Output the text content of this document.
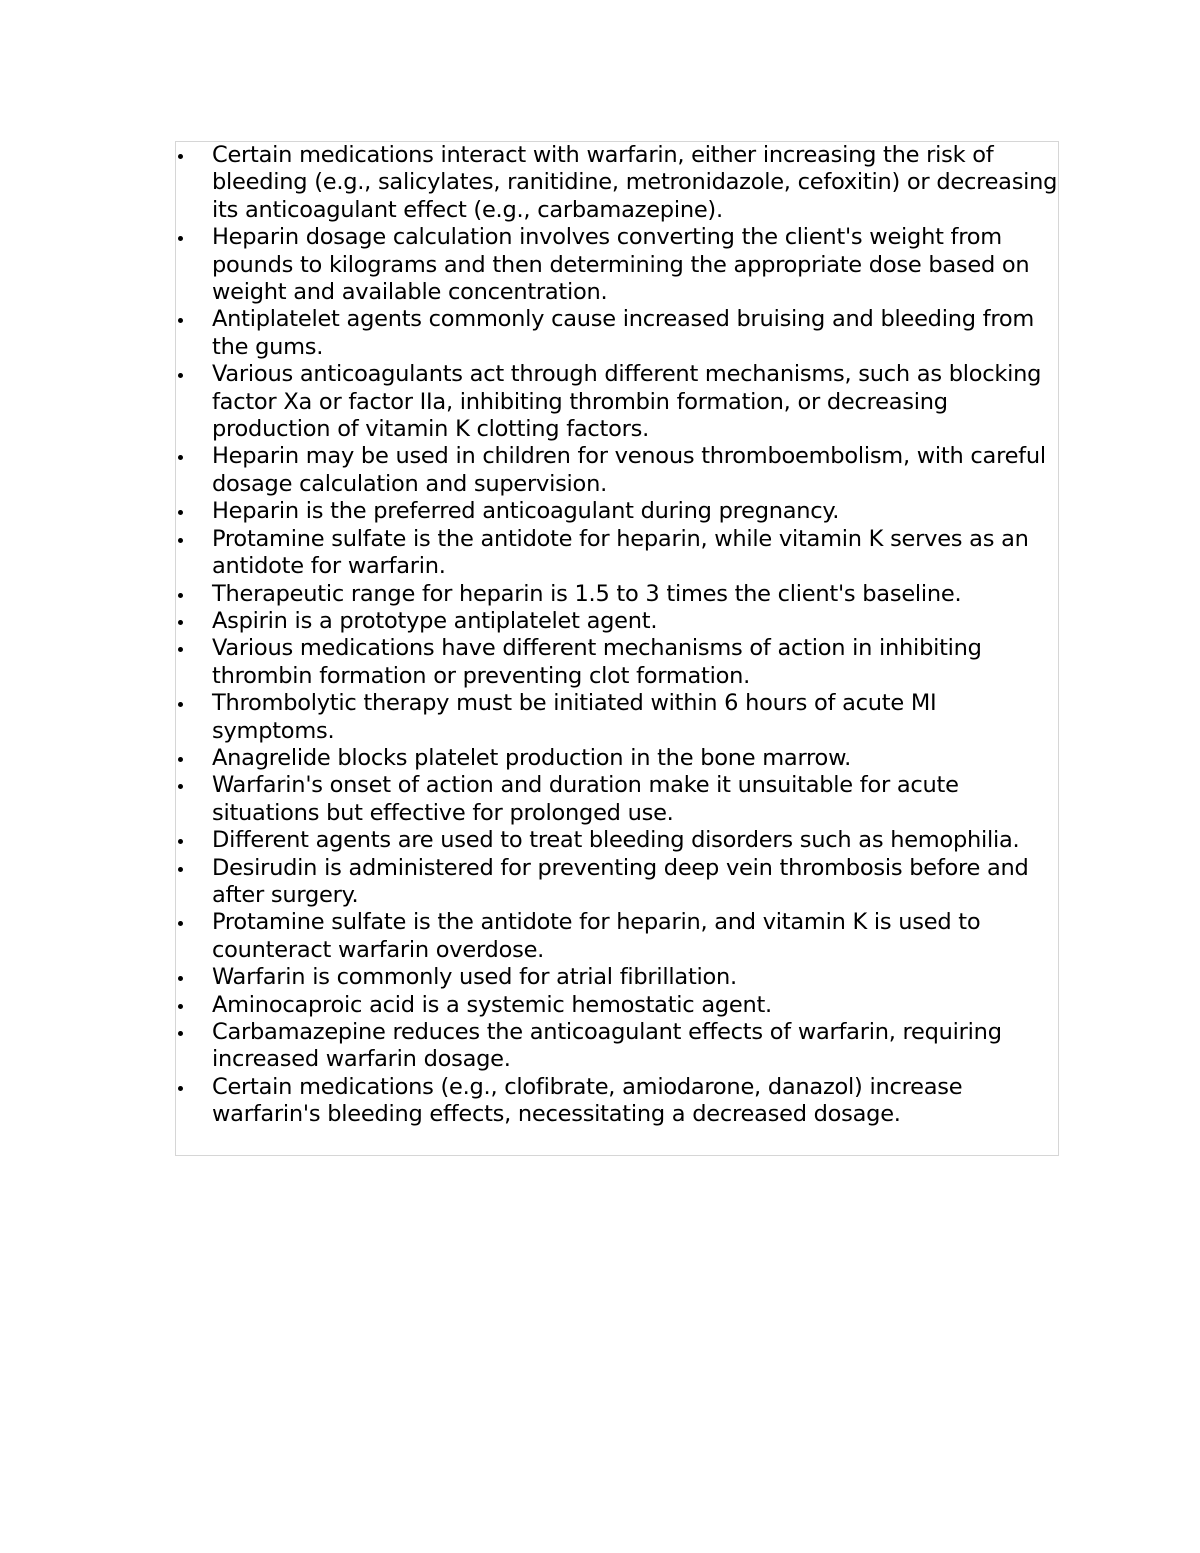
Certain medications interact with warfarin, either increasing the risk of bleeding (e.g., salicylates, ranitidine, metronidazole, cefoxitin) or decreasing its anticoagulant effect (e.g., carbamazepine).
Heparin dosage calculation involves converting the client's weight from pounds to kilograms and then determining the appropriate dose based on weight and available concentration.
Antiplatelet agents commonly cause increased bruising and bleeding from the gums.
Various anticoagulants act through different mechanisms, such as blocking factor Xa or factor IIa, inhibiting thrombin formation, or decreasing production of vitamin K clotting factors.
Heparin may be used in children for venous thromboembolism, with careful dosage calculation and supervision.
Heparin is the preferred anticoagulant during pregnancy.
Protamine sulfate is the antidote for heparin, while vitamin K serves as an antidote for warfarin.
Therapeutic range for heparin is 1.5 to 3 times the client's baseline.
Aspirin is a prototype antiplatelet agent.
Various medications have different mechanisms of action in inhibiting thrombin formation or preventing clot formation.
Thrombolytic therapy must be initiated within 6 hours of acute MI symptoms.
Anagrelide blocks platelet production in the bone marrow.
Warfarin's onset of action and duration make it unsuitable for acute situations but effective for prolonged use.
Different agents are used to treat bleeding disorders such as hemophilia.
Desirudin is administered for preventing deep vein thrombosis before and after surgery.
Protamine sulfate is the antidote for heparin, and vitamin K is used to counteract warfarin overdose.
Warfarin is commonly used for atrial fibrillation.
Aminocaproic acid is a systemic hemostatic agent.
Carbamazepine reduces the anticoagulant effects of warfarin, requiring increased warfarin dosage.
Certain medications (e.g., clofibrate, amiodarone, danazol) increase warfarin's bleeding effects, necessitating a decreased dosage.
